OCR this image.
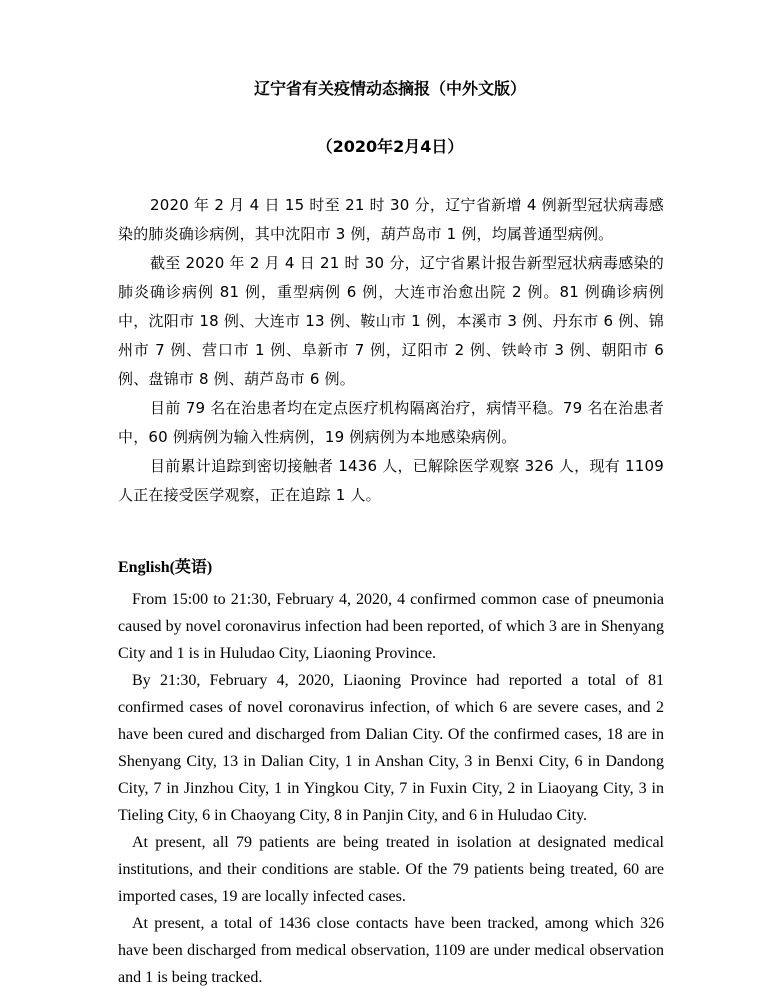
辽宁省有关疫情动态摘报（中外文版）
（2020年2月4日）

2020 年 2 月 4 日 15 时至 21 时 30 分，辽宁省新增 4 例新型冠状病毒感染的肺炎确诊病例，其中沈阳市 3 例，葫芦岛市 1 例，均属普通型病例。

截至 2020 年 2 月 4 日 21 时 30 分，辽宁省累计报告新型冠状病毒感染的肺炎确诊病例 81 例，重型病例 6 例，大连市治愈出院 2 例。81 例确诊病例中，沈阳市 18 例、大连市 13 例、鞍山市 1 例，本溪市 3 例、丹东市 6 例、锦州市 7 例、营口市 1 例、阜新市 7 例，辽阳市 2 例、铁岭市 3 例、朝阳市 6 例、盘锦市 8 例、葫芦岛市 6 例。

目前 79 名在治患者均在定点医疗机构隔离治疗，病情平稳。79 名在治患者中，60 例病例为输入性病例，19 例病例为本地感染病例。

目前累计追踪到密切接触者 1436 人，已解除医学观察 326 人，现有 1109 人正在接受医学观察，正在追踪 1 人。

English(英语)

From 15:00 to 21:30, February 4, 2020, 4 confirmed common case of pneumonia caused by novel coronavirus infection had been reported, of which 3 are in Shenyang City and 1 is in Huludao City, Liaoning Province.

By 21:30, February 4, 2020, Liaoning Province had reported a total of 81 confirmed cases of novel coronavirus infection, of which 6 are severe cases, and 2 have been cured and discharged from Dalian City. Of the confirmed cases, 18 are in Shenyang City, 13 in Dalian City, 1 in Anshan City, 3 in Benxi City, 6 in Dandong City, 7 in Jinzhou City, 1 in Yingkou City, 7 in Fuxin City, 2 in Liaoyang City, 3 in Tieling City, 6 in Chaoyang City, 8 in Panjin City, and 6 in Huludao City.

At present, all 79 patients are being treated in isolation at designated medical institutions, and their conditions are stable. Of the 79 patients being treated, 60 are imported cases, 19 are locally infected cases.

At present, a total of 1436 close contacts have been tracked, among which 326 have been discharged from medical observation, 1109 are under medical observation and 1 is being tracked.
